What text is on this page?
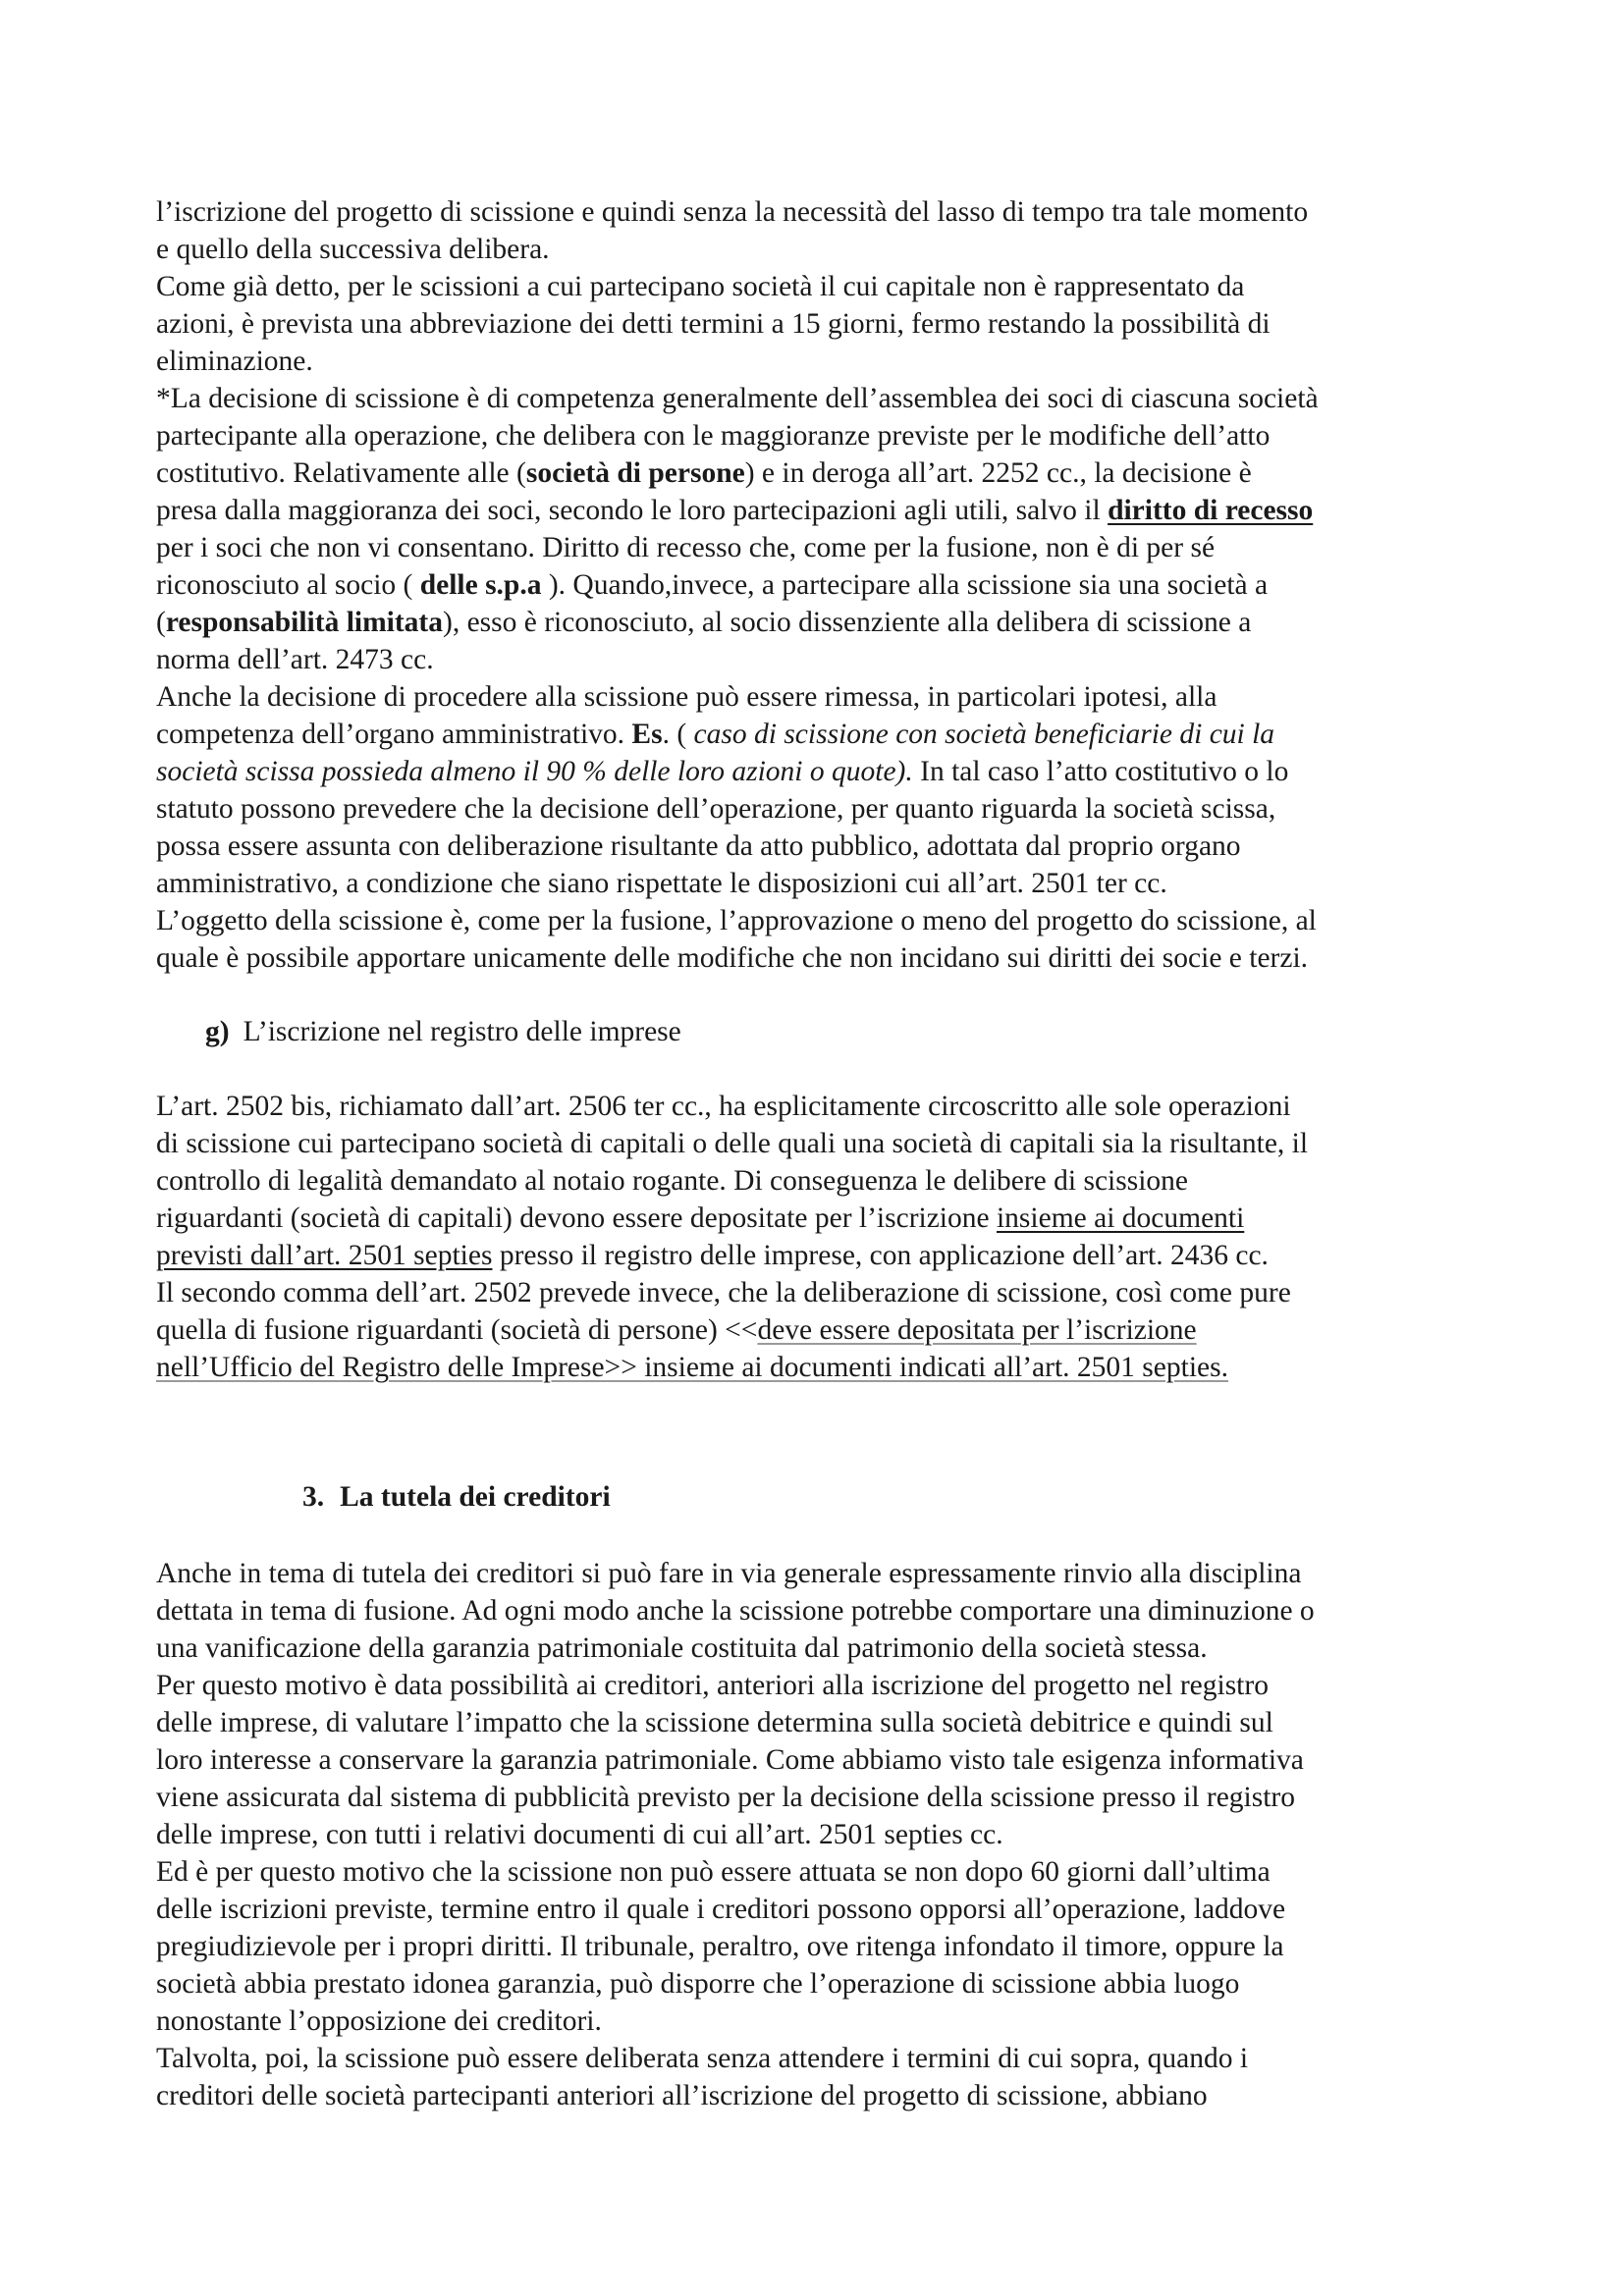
l’iscrizione del progetto di scissione e quindi senza la necessità del lasso di tempo tra tale momento
e quello della successiva delibera.
Come già detto, per le scissioni a cui partecipano società il cui capitale non è rappresentato da
azioni, è prevista una abbreviazione dei detti termini a 15 giorni, fermo restando la possibilità di
eliminazione.
*La decisione di scissione è di competenza generalmente dell’assemblea dei soci di ciascuna società
partecipante alla operazione, che delibera con le maggioranze previste per le modifiche dell’atto
costitutivo. Relativamente alle (società di persone) e in deroga all’art. 2252 cc., la decisione è
presa dalla maggioranza dei soci, secondo le loro partecipazioni agli utili, salvo il diritto di recesso
per i soci che non vi consentano. Diritto di recesso che, come per la fusione, non è di per sé
riconosciuto al socio ( delle s.p.a ). Quando,invece, a partecipare alla scissione sia una società a
(responsabilità limitata), esso è riconosciuto, al socio dissenziente alla delibera di scissione a
norma dell’art. 2473 cc.
Anche la decisione di procedere alla scissione può essere rimessa, in particolari ipotesi, alla
competenza dell’organo amministrativo. Es. ( caso di scissione con società beneficiarie di cui la
società scissa possieda almeno il 90 % delle loro azioni o quote). In tal caso l’atto costitutivo o lo
statuto possono prevedere che la decisione dell’operazione, per quanto riguarda la società scissa,
possa essere assunta con deliberazione risultante da atto pubblico, adottata dal proprio organo
amministrativo, a condizione che siano rispettate le disposizioni cui all’art. 2501 ter cc.
L’oggetto della scissione è, come per la fusione, l’approvazione o meno del progetto do scissione, al
quale è possibile apportare unicamente delle modifiche che non incidano sui diritti dei socie e terzi.
g) L’iscrizione nel registro delle imprese
L’art. 2502 bis, richiamato dall’art. 2506 ter cc., ha esplicitamente circoscritto alle sole operazioni
di scissione cui partecipano società di capitali o delle quali una società di capitali sia la risultante, il
controllo di legalità demandato al notaio rogante. Di conseguenza le delibere di scissione
riguardanti (società di capitali) devono essere depositate per l’iscrizione insieme ai documenti
previsti dall’art. 2501 septies presso il registro delle imprese, con applicazione dell’art. 2436 cc.
Il secondo comma dell’art. 2502 prevede invece, che la deliberazione di scissione, così come pure
quella di fusione riguardanti (società di persone) <<deve essere depositata per l’iscrizione
nell’Ufficio del Registro delle Imprese>> insieme ai documenti indicati all’art. 2501 septies.
3. La tutela dei creditori
Anche in tema di tutela dei creditori si può fare in via generale espressamente rinvio alla disciplina
dettata in tema di fusione. Ad ogni modo anche la scissione potrebbe comportare una diminuzione o
una vanificazione della garanzia patrimoniale costituita dal patrimonio della società stessa.
Per questo motivo è data possibilità ai creditori, anteriori alla iscrizione del progetto nel registro
delle imprese, di valutare l’impatto che la scissione determina sulla società debitrice e quindi sul
loro interesse a conservare la garanzia patrimoniale. Come abbiamo visto tale esigenza informativa
viene assicurata dal sistema di pubblicità previsto per la decisione della scissione presso il registro
delle imprese, con tutti i relativi documenti di cui all’art. 2501 septies cc.
Ed è per questo motivo che la scissione non può essere attuata se non dopo 60 giorni dall’ultima
delle iscrizioni previste, termine entro il quale i creditori possono opporsi all’operazione, laddove
pregiudizievole per i propri diritti. Il tribunale, peraltro, ove ritenga infondato il timore, oppure la
società abbia prestato idonea garanzia, può disporre che l’operazione di scissione abbia luogo
nonostante l’opposizione dei creditori.
Talvolta, poi, la scissione può essere deliberata senza attendere i termini di cui sopra, quando i
creditori delle società partecipanti anteriori all’iscrizione del progetto di scissione, abbiano
